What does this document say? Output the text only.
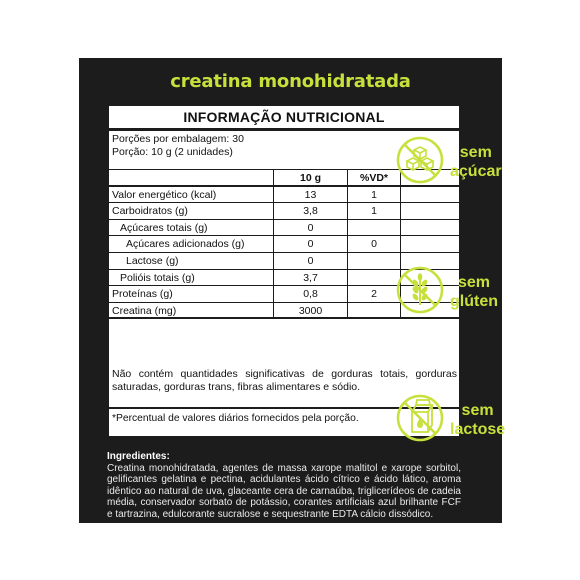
creatina monohidratada
INFORMAÇÃO NUTRICIONAL
Porções por embalagem: 30
Porção: 10 g (2 unidades)
10 g	%VD*
Valor energético (kcal)	13	1
Carboidratos (g)	3,8	1
Açúcares totais (g)	0
Açúcares adicionados (g)	0	0
Lactose (g)	0
Polióis totais (g)	3,7
Proteínas (g)	0,8	2
Creatina (mg)	3000
Não contém quantidades significativas de gorduras totais, gorduras saturadas, gorduras trans, fibras alimentares e sódio.
*Percentual de valores diários fornecidos pela porção.
Ingredientes:
Creatina monohidratada, agentes de massa xarope maltitol e xarope sorbitol, gelificantes gelatina e pectina, acidulantes ácido cítrico e ácido lático, aroma idêntico ao natural de uva, glaceante cera de carnaúba, triglicerídeos de cadeia média, conservador sorbato de potássio, corantes artificiais azul brilhante FCF e tartrazina, edulcorante sucralose e sequestrante EDTA cálcio dissódico.
Produto notificado na Anvisa nº 25351.437115/2024-82
sem
açúcar
sem
glúten
sem
lactose
